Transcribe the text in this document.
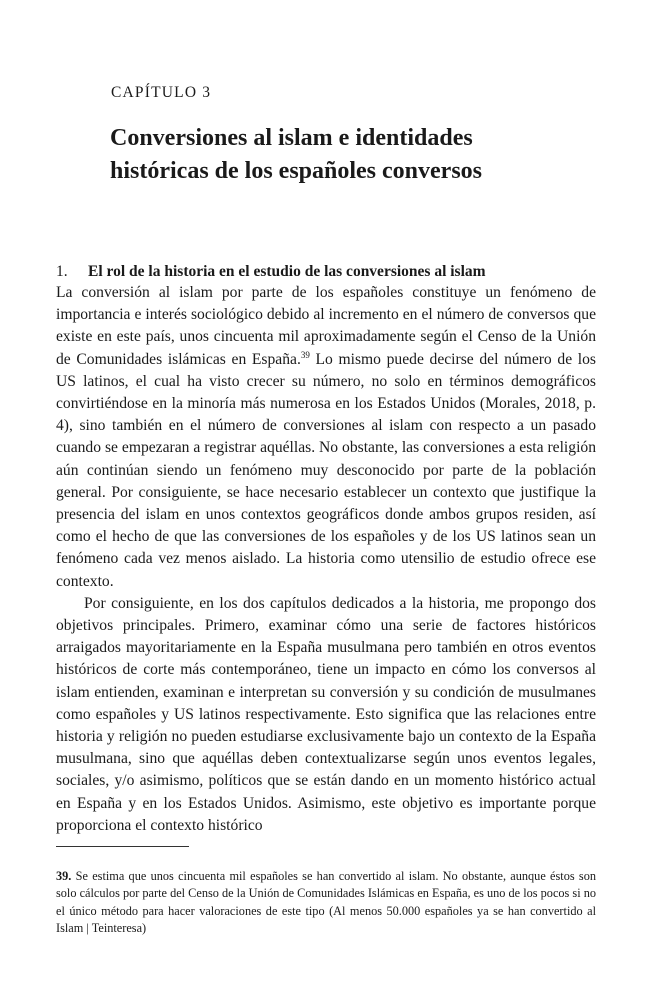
CAPÍTULO 3
Conversiones al islam e identidades
históricas de los españoles conversos
1. El rol de la historia en el estudio de las conversiones al islam

La conversión al islam por parte de los españoles constituye un fenómeno de importancia e interés sociológico debido al incremento en el número de conversos que existe en este país, unos cincuenta mil aproximadamente según el Censo de la Unión de Comunidades islámicas en España.$^{39}$ Lo mismo puede decirse del número de los US latinos, el cual ha visto crecer su número, no solo en términos demográficos convirtiéndose en la minoría más numerosa en los Estados Unidos (Morales, 2018, p. 4), sino también en el número de conversiones al islam con respecto a un pasado cuando se empezaran a registrar aquéllas. No obstante, las conversiones a esta religión aún continúan siendo un fenómeno muy desconocido por parte de la población general. Por consiguiente, se hace necesario establecer un contexto que justifique la presencia del islam en unos contextos geográficos donde ambos grupos residen, así como el hecho de que las conversiones de los españoles y de los US latinos sean un fenómeno cada vez menos aislado. La historia como utensilio de estudio ofrece ese contexto.

Por consiguiente, en los dos capítulos dedicados a la historia, me propongo dos objetivos principales. Primero, examinar cómo una serie de factores históricos arraigados mayoritariamente en la España musulmana pero también en otros eventos históricos de corte más contemporáneo, tiene un impacto en cómo los conversos al islam entienden, examinan e interpretan su conversión y su condición de musulmanes como españoles y US latinos respectivamente. Esto significa que las relaciones entre historia y religión no pueden estudiarse exclusivamente bajo un contexto de la España musulmana, sino que aquéllas deben contextualizarse según unos eventos legales, sociales, y/o asimismo, políticos que se están dando en un momento histórico actual en España y en los Estados Unidos. Asimismo, este objetivo es importante porque proporciona el contexto histórico

39. Se estima que unos cincuenta mil españoles se han convertido al islam. No obstante, aunque éstos son solo cálculos por parte del Censo de la Unión de Comunidades Islámicas en España, es uno de los pocos si no el único método para hacer valoraciones de este tipo (Al menos 50.000 españoles ya se han convertido al Islam | Teinteresa)
